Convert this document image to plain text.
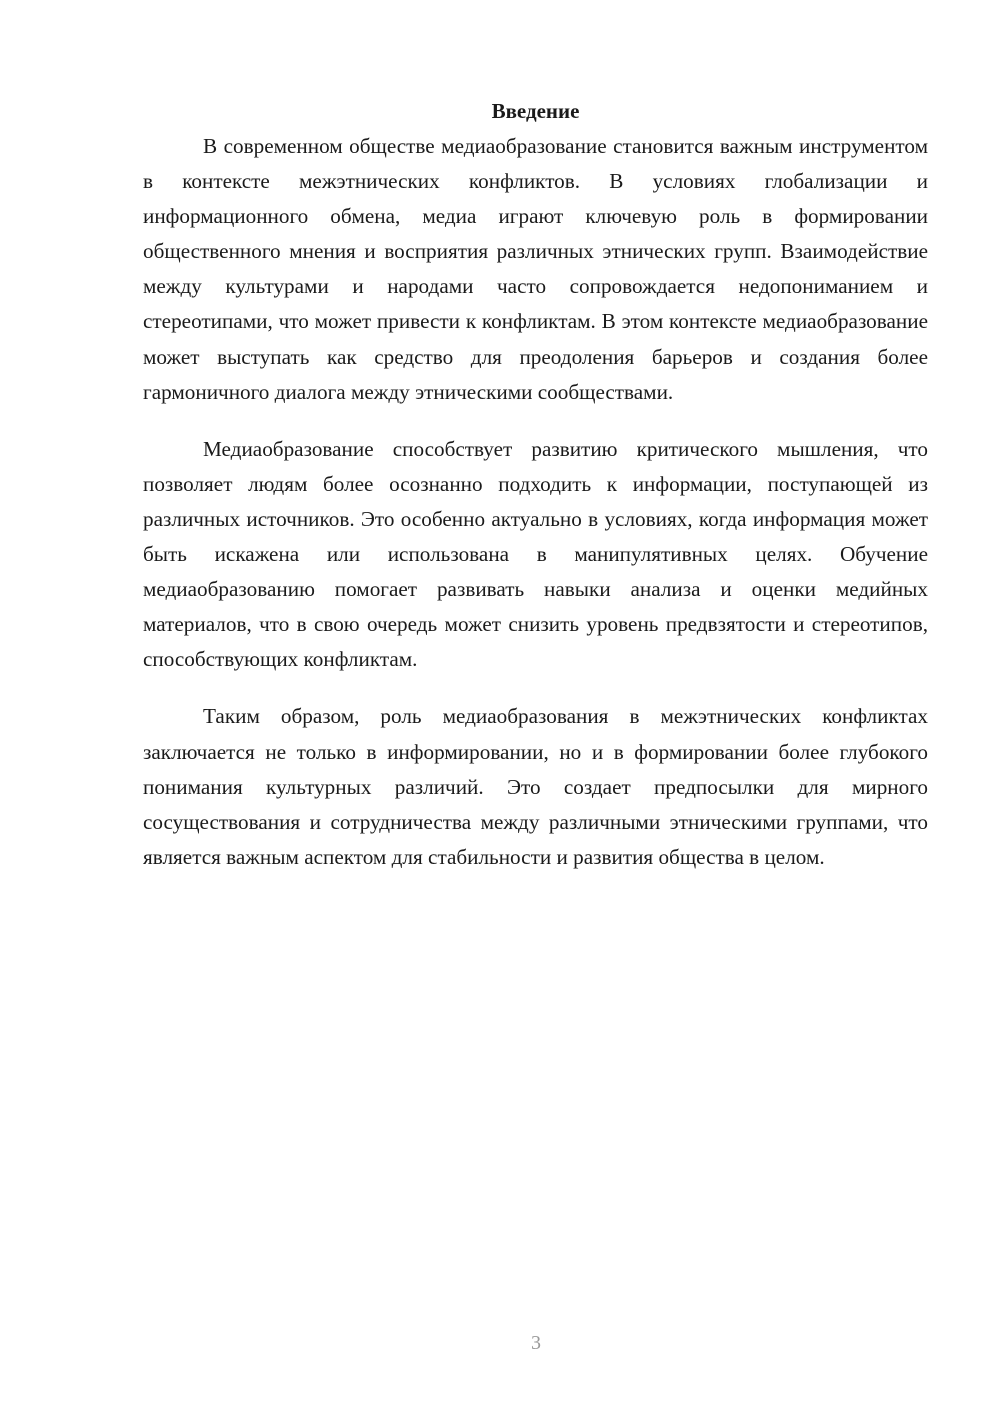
Введение

В современном обществе медиаобразование становится важным инструментом в контексте межэтнических конфликтов. В условиях глобализации и информационного обмена, медиа играют ключевую роль в формировании общественного мнения и восприятия различных этнических групп. Взаимодействие между культурами и народами часто сопровождается недопониманием и стереотипами, что может привести к конфликтам. В этом контексте медиаобразование может выступать как средство для преодоления барьеров и создания более гармоничного диалога между этническими сообществами.

Медиаобразование способствует развитию критического мышления, что позволяет людям более осознанно подходить к информации, поступающей из различных источников. Это особенно актуально в условиях, когда информация может быть искажена или использована в манипулятивных целях. Обучение медиаобразованию помогает развивать навыки анализа и оценки медийных материалов, что в свою очередь может снизить уровень предвзятости и стереотипов, способствующих конфликтам.

Таким образом, роль медиаобразования в межэтнических конфликтах заключается не только в информировании, но и в формировании более глубокого понимания культурных различий. Это создает предпосылки для мирного сосуществования и сотрудничества между различными этническими группами, что является важным аспектом для стабильности и развития общества в целом.

3
